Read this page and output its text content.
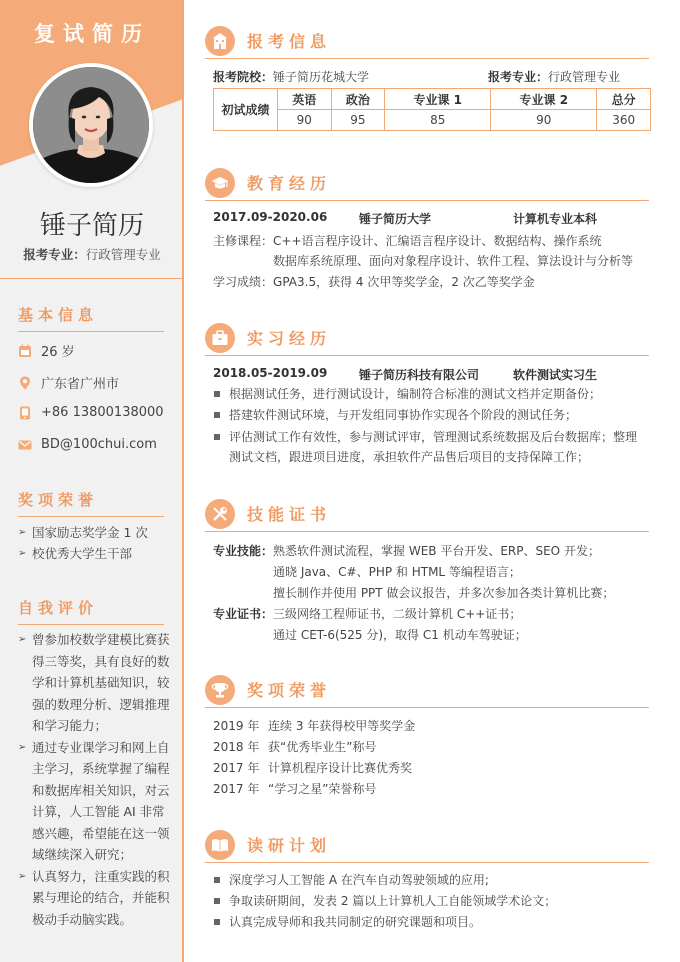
复试简历
锤子简历
报考专业：行政管理专业
基本信息
26 岁
广东省广州市
+86 13800138000
BD@100chui.com
奖项荣誉
➢ 国家励志奖学金 1 次
➢ 校优秀大学生干部
自我评价
➢ 曾参加校数学建模比赛获得三等奖，具有良好的数学和计算机基础知识，较强的数理分析、逻辑推理和学习能力；
➢ 通过专业课学习和网上自主学习，系统掌握了编程和数据库相关知识，对云计算，人工智能 AI 非常感兴趣，希望能在这一领域继续深入研究；
➢ 认真努力，注重实践的积累与理论的结合，并能积极动手动脑实践。
报考信息
报考院校：锤子简历花城大学	报考专业：行政管理专业
初试成绩	英语	政治	专业课 1	专业课 2	总分
	90	95	85	90	360
教育经历
2017.09-2020.06	锤子简历大学	计算机专业本科
主修课程：C++语言程序设计、汇编语言程序设计、数据结构、操作系统
数据库系统原理、面向对象程序设计、软件工程、算法设计与分析等
学习成绩：GPA3.5，获得 4 次甲等奖学金，2 次乙等奖学金
实习经历
2018.05-2019.09	锤子简历科技有限公司	软件测试实习生
根据测试任务，进行测试设计，编制符合标准的测试文档并定期备份；
搭建软件测试环境，与开发组同事协作实现各个阶段的测试任务；
评估测试工作有效性，参与测试评审，管理测试系统数据及后台数据库；整理测试文档，跟进项目进度，承担软件产品售后项目的支持保障工作；
技能证书
专业技能：熟悉软件测试流程，掌握 WEB 平台开发、ERP、SEO 开发；
通晓 Java、C#、PHP 和 HTML 等编程语言；
擅长制作并使用 PPT 做会议报告，并多次参加各类计算机比赛；
专业证书：三级网络工程师证书，二级计算机 C++证书；
通过 CET-6(525 分)，取得 C1 机动车驾驶证；
奖项荣誉
2019 年 连续 3 年获得校甲等奖学金
2018 年 获“优秀毕业生”称号
2017 年 计算机程序设计比赛优秀奖
2017 年 “学习之星”荣誉称号
读研计划
深度学习人工智能 A 在汽车自动驾驶领域的应用;
争取读研期间，发表 2 篇以上计算机人工自能领域学术论文；
认真完成导师和我共同制定的研究课题和项目。
